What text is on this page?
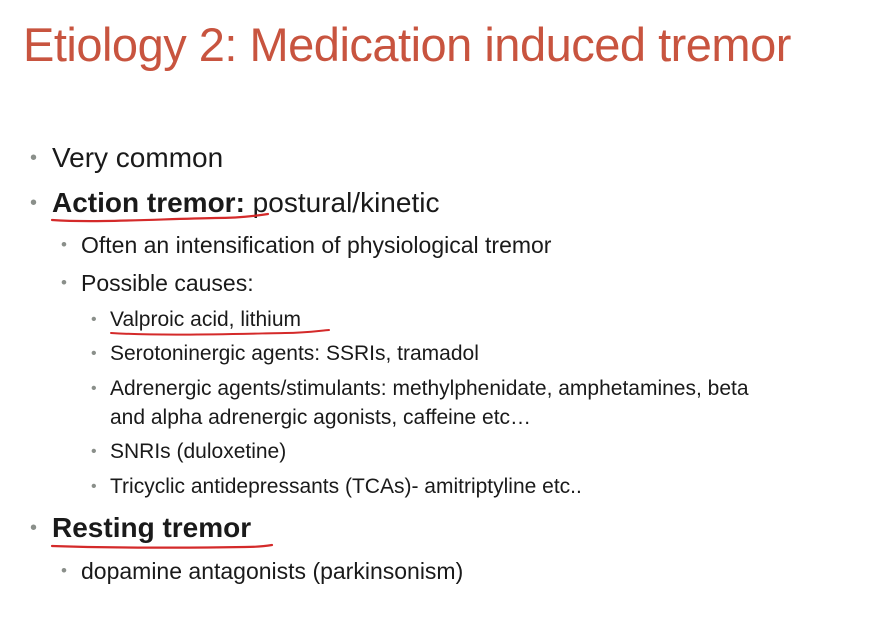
Etiology 2: Medication induced tremor
• Very common
• Action tremor: postural/kinetic
• Often an intensification of physiological tremor
• Possible causes:
• Valproic acid, lithium
• Serotoninergic agents: SSRIs, tramadol
• Adrenergic agents/stimulants: methylphenidate, amphetamines, beta
and alpha adrenergic agonists, caffeine etc…
• SNRIs (duloxetine)
• Tricyclic antidepressants (TCAs)- amitriptyline etc..
• Resting tremor
• dopamine antagonists (parkinsonism)
